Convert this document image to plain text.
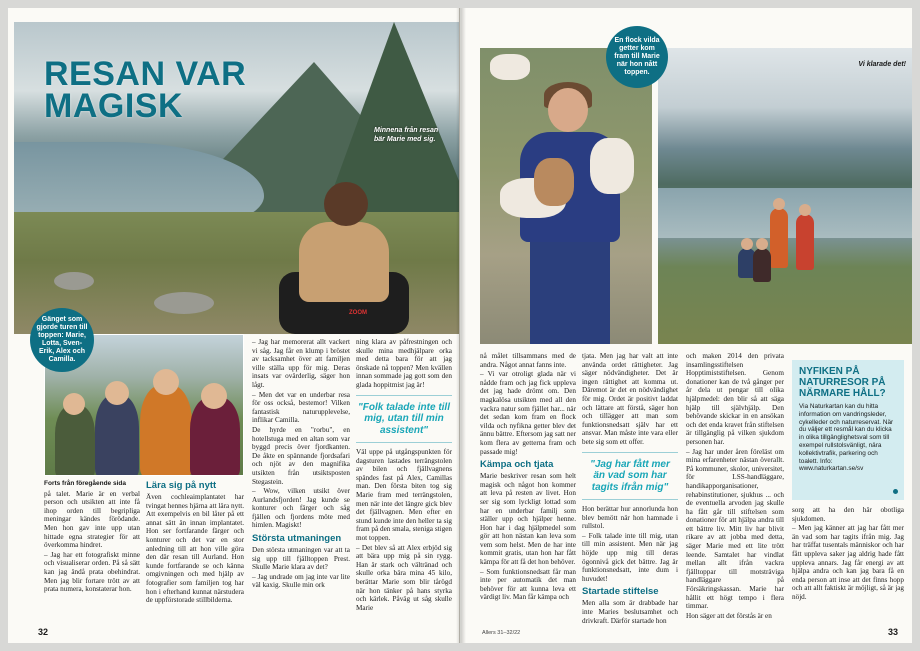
ZOOM
RESAN VAR
MAGISK
Minnena från resan bär Marie med sig.
Gänget som gjorde turen till toppen: Marie, Lotta, Sven-Erik, Alex och Camilla.
Forts från föregående sida

på talet. Marie är en verbal person och utsikten att inte få ihop orden till begripliga meningar kändes förödande. Men hon gav inte upp utan hittade egna strategier för att överkomma hindret.

– Jag har ett fotografiskt minne och visualiserar orden. På så sätt kan jag ändå prata obehindrat. Men jag blir fortare trött av att prata numera, konstaterar hon.

Lära sig på nytt

Även cochleaimplantatet har tvingat hennes hjärna att lära nytt. Att exempelvis en bil låter på ett annat sätt än innan implantatet. Hon ser fortfarande färger och konturer och det var en stor anledning till att hon ville göra den där resan till Aurland. Hon kunde fortfarande se och känna omgivningen och med hjälp av fotografier som familjen tog har hon i efterhand kunnat närstudera de uppförstorade stillbilderna.

– Jag har memorerat allt vackert vi såg. Jag får en klump i bröstet av tacksamhet över att familjen ville ställa upp för mig. Deras insats var ovärderlig, säger hon lågt.

– Men det var en underbar resa för oss också, bestemor! Vilken fantastisk naturupplevelse, inflikar Camilla.

De hyrde en "rorbu", en hotellstuga med en altan som var byggd precis över fjordkanten. De åkte en spännande fjordsafari och njöt av den magnifika utsikten från utsiktsposten Stegastein.

– Wow, vilken utsikt över Aurlandsfjorden! Jag kunde se konturer och färger och såg fjällen och fjordens möte med himlen. Magiskt!

Största utmaningen

Den största utmaningen var att ta sig upp till fjälltoppen Prest. Skulle Marie klara av det?

– Jag undrade om jag inte var lite väl kaxig. Skulle min ork

ning klara av påfrestningen och skulle mina medhjälpare orka med detta bara för att jag önskade nå toppen? Men kvällen innan sommade jag gott som den glada hoppitmist jag är!

"Folk talade inte till mig, utan till min assistent"

Väl uppe på utgångspunkten för dagsturen lastades terrängstolen av bilen och fjällvagnens spändes fast på Alex, Camillas man. Den första biten tog sig Marie fram med terrängstolen, men när inte det längre gick blev det fjällvagnen. Men efter en stund kunde inte den heller ta sig fram på den smala, steniga stigen mot toppen.

– Det blev så att Alex erbjöd sig att bära upp mig på sin rygg. Han är stark och vältränad och skulle orka bära mina 45 kilo, berättar Marie som blir tårögd när hon tänker på hans styrka och kärlek. Påväg ut såg skulle Marie

32
En flock vilda getter kom fram till Marie när hon nått toppen.
Vi klarade det!

nå målet tillsammans med de andra. Något annat fanns inte.

– Vi var otroligt glada när vi nådde fram och jag fick uppleva det jag hade drömt om. Den magkalösa utsikten med all den vackra natur som fjället har... när det sedan kom fram en flock vilda och nyfikna getter blev det ännu bättre. Eftersom jag satt ner kom flera av getterna fram och passade mig!

Kämpa och tjata

Marie beskriver resan som helt magisk och något hon kommer att leva på resten av livet. Hon ser sig som lyckligt lottad som har en underbar familj som ställer upp och hjälper henne. Hon har i dag hjälpmedel som gör att hon nästan kan leva som vem som helst. Men de har inte kommit gratis, utan hon har fått kämpa för att få det hon behöver.

– Som funktionsnedsatt får man inte per automatik det man behöver för att kunna leva ett värdigt liv. Man får kämpa och

tjata. Men jag har valt att inte använda ordet rättigheter. Jag säger nödvändigheter. Det är ingen rättighet att komma ut. Däremot är det en nödvändighet för mig. Ordet är positivt laddat och lättare att förstå, säger hon och tillägger att man som funktionsnedsatt själv har ett ansvar. Man måste inte vara eller bete sig som ett offer.

"Jag har fått mer än vad som har tagits ifrån mig"

Hon berättar hur annorlunda hon blev bemött när hon hamnade i rullstol.

– Folk talade inte till mig, utan till min assistent. Men när jag höjde upp mig till deras ögonnivå gick det bättre. Jag är funktionsnedsatt, inte dum i huvudet!

Startade stiftelse

Men alla som är drabbade har inte Maries beslutsamhet och drivkraft. Därför startade hon

och maken 2014 den privata insamlingsstiftelsen Hopptimiststiftelsen. Genom donationer kan de två gånger per år dela ut pengar till olika hjälpmedel: den blir så att säga hjälp till självhjälp. Den behövande skickar in en ansökan och det enda kravet från stiftelsen är tillgänglig på vilken sjukdom personen har.

– Jag har under åren föreläst om mina erfarenheter nästan överallt. På kommuner, skolor, universitet, för LSS-handläggare, handikapporganisationer, rehabinstitutioner, sjukhus ... och de eventuella arvoden jag skulle ha fått går till stiftelsen som donationer för att hjälpa andra till ett bättre liv. Mitt liv har blivit rikare av att jobba med detta, säger Marie med ett lite trött leende. Samtalet har vindlat mellan allt ifrån vackra fjälltoppar till motsträviga handläggare på Försäkringskassan. Marie har hållit ett högt tempo i flera timmar.

Hon säger att det förstås är en

NYFIKEN PÅ NATURRESOR PÅ NÄRMARE HÅLL?
Via Naturkartan kan du hitta information om vandringsleder, cykelleder och naturreservat. När du väljer ett resmål kan du klicka in olika tillgänglighetsval som till exempel rullstolsvänligt, nära kollektivtrafik, parkering och toalett. Info: www.naturkartan.se/sv

sorg att ha den här obotliga sjukdomen.

– Men jag känner att jag har fått mer än vad som har tagits ifrån mig. Jag har träffat tusentals människor och har fått uppleva saker jag aldrig hade fått uppleva annars. Jag får energi av att hjälpa andra och kan jag bara få en enda person att inse att det finns hopp och att allt faktiskt är möjligt, så är jag nöjd.

Allers 31–32/22	33
